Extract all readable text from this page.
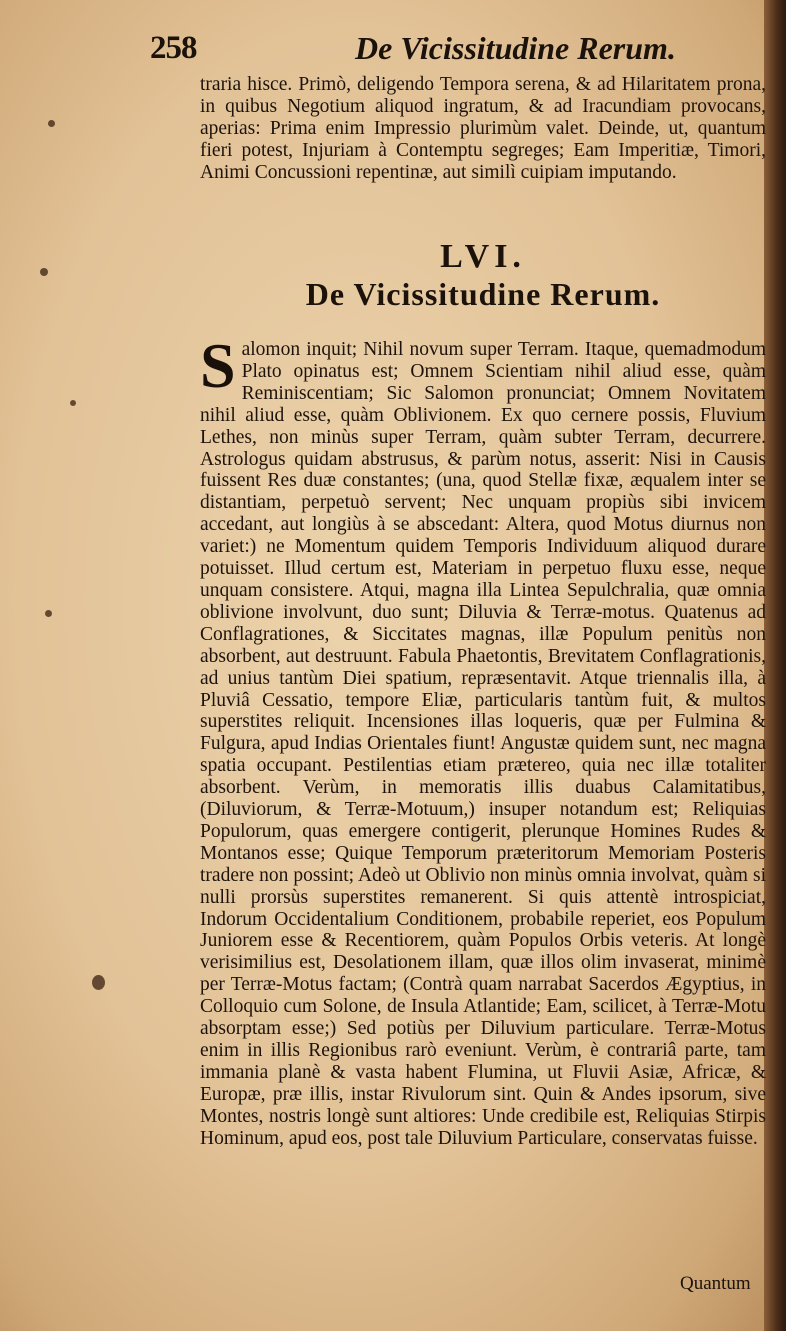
258	De Vicissitudine Rerum.

traria hisce. Primò, deligendo Tempora serena, & ad Hilaritatem prona, in quibus Negotium aliquod ingratum, & ad Iracundiam provocans, aperias: Prima enim Impressio plurimùm valet. Deinde, ut, quantum fieri potest, Injuriam à Contemptu segreges; Eam Imperitiæ, Timori, Animi Concussioni repentinæ, aut similì cuipiam imputando.

LVI.
De Vicissitudine Rerum.
S alomon inquit; Nihil novum super Terram. Itaque, quemadmodum Plato opinatus est; Omnem Scientiam nihil aliud esse, quàm Reminiscentiam; Sic Salomon pronunciat; Omnem Novitatem nihil aliud esse, quàm Oblivionem. Ex quo cernere possis, Fluvium Lethes, non minùs super Terram, quàm subter Terram, decurrere. Astrologus quidam abstrusus, & parùm notus, asserit: Nisi in Causis fuissent Res duæ constantes; (una, quod Stellæ fixæ, æqualem inter se distantiam, perpetuò servent; Nec unquam propiùs sibi invicem accedant, aut longiùs à se abscedant: Altera, quod Motus diurnus non variet:) ne Momentum quidem Temporis Individuum aliquod durare potuisset. Illud certum est, Materiam in perpetuo fluxu esse, neque unquam consistere. Atqui, magna illa Lintea Sepulchralia, quæ omnia oblivione involvunt, duo sunt; Diluvia & Terræ-motus. Quatenus ad Conflagrationes, & Siccitates magnas, illæ Populum penitùs non absorbent, aut destruunt. Fabula Phaetontis, Brevitatem Conflagrationis, ad unius tantùm Diei spatium, repræsentavit. Atque triennalis illa, à Pluviâ Cessatio, tempore Eliæ, particularis tantùm fuit, & multos superstites reliquit. Incensiones illas loqueris, quæ per Fulmina & Fulgura, apud Indias Orientales fiunt! Angustæ quidem sunt, nec magna spatia occupant. Pestilentias etiam prætereo, quia nec illæ totaliter absorbent. Verùm, in memoratis illis duabus Calamitatibus, (Diluviorum, & Terræ-Motuum,) insuper notandum est; Reliquias Populorum, quas emergere contigerit, plerunque Homines Rudes & Montanos esse; Quique Temporum præteritorum Memoriam Posteris tradere non possint; Adeò ut Oblivio non minùs omnia involvat, quàm si nulli prorsùs superstites remanerent. Si quis attentè introspiciat, Indorum Occidentalium Conditionem, probabile reperiet, eos Populum Juniorem esse & Recentiorem, quàm Populos Orbis veteris. At longè verisimilius est, Desolationem illam, quæ illos olim invaserat, minimè per Terræ-Motus factam; (Contrà quam narrabat Sacerdos Ægyptius, in Colloquio cum Solone, de Insula Atlantide; Eam, scilicet, à Terræ-Motu absorptam esse;) Sed potiùs per Diluvium particulare. Terræ-Motus enim in illis Regionibus rarò eveniunt. Verùm, è contrariâ parte, tam immania planè & vasta habent Flumina, ut Fluvii Asiæ, Africæ, & Europæ, præ illis, instar Rivulorum sint. Quin & Andes ipsorum, sive Montes, nostris longè sunt altiores: Unde credibile est, Reliquias Stirpis Hominum, apud eos, post tale Diluvium Particulare, conservatas fuisse.
Quantum
